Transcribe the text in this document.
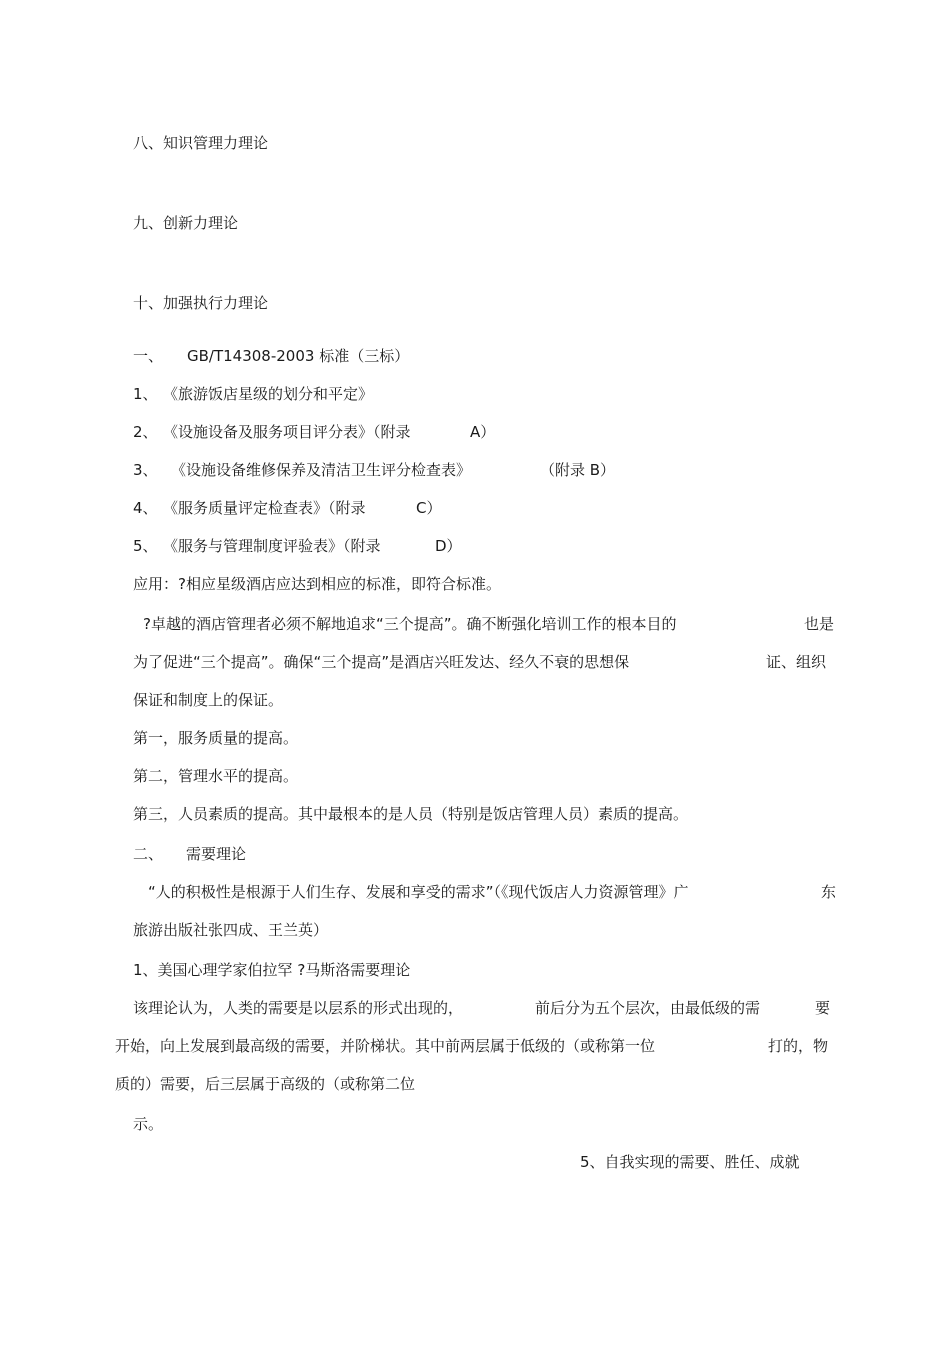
八、知识管理力理论
九、创新力理论
十、加强执行力理论
一、 GB/T14308-2003 标准（三标）
1、 《旅游饭店星级的划分和平定》
2、 《设施设备及服务项目评分表》（附录	A）
3、 《设施设备维修保养及清洁卫生评分检查表》	（附录 B）
4、 《服务质量评定检查表》（附录	C）
5、 《服务与管理制度评验表》（附录	D）
应用：?相应星级酒店应达到相应的标准，即符合标准。
?卓越的酒店管理者必须不解地追求“三个提高”。确不断强化培训工作的根本目的	也是
为了促进“三个提高”。确保“三个提高”是酒店兴旺发达、经久不衰的思想保	证、组织
保证和制度上的保证。
第一，服务质量的提高。
第二，管理水平的提高。
第三，人员素质的提高。其中最根本的是人员（特别是饭店管理人员）素质的提高。
二、 需要理论
“人的积极性是根源于人们生存、发展和享受的需求”（《现代饭店人力资源管理》广	东
旅游出版社张四成、王兰英）
1、美国心理学家伯拉罕 ?马斯洛需要理论
该理论认为，人类的需要是以层系的形式出现的，	前后分为五个层次，由最低级的需	要
开始，向上发展到最高级的需要，并阶梯状。其中前两层属于低级的（或称第一位	打的，物
质的）需要，后三层属于高级的（或称第二位
示。
5、自我实现的需要、胜任、成就
